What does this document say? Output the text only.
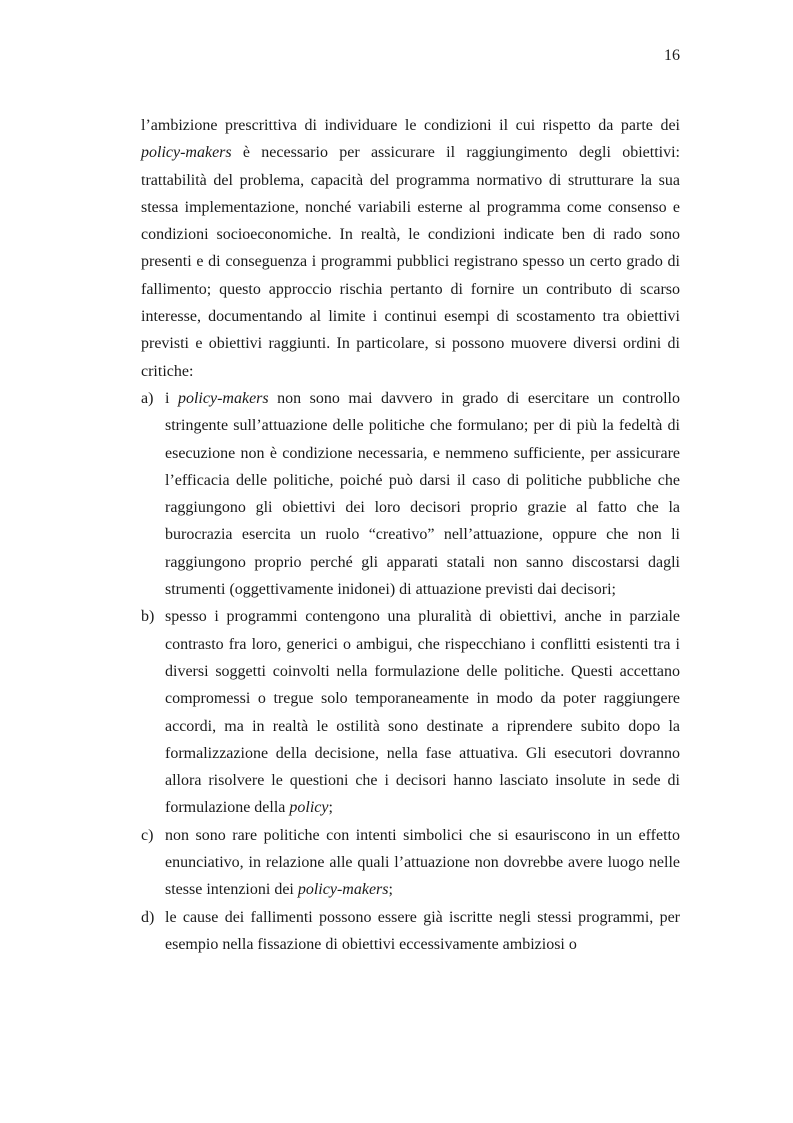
16

l’ambizione prescrittiva di individuare le condizioni il cui rispetto da parte dei policy-makers è necessario per assicurare il raggiungimento degli obiettivi: trattabilità del problema, capacità del programma normativo di strutturare la sua stessa implementazione, nonché variabili esterne al programma come consenso e condizioni socioeconomiche. In realtà, le condizioni indicate ben di rado sono presenti e di conseguenza i programmi pubblici registrano spesso un certo grado di fallimento; questo approccio rischia pertanto di fornire un contributo di scarso interesse, documentando al limite i continui esempi di scostamento tra obiettivi previsti e obiettivi raggiunti. In particolare, si possono muovere diversi ordini di critiche:

a) i policy-makers non sono mai davvero in grado di esercitare un controllo stringente sull’attuazione delle politiche che formulano; per di più la fedeltà di esecuzione non è condizione necessaria, e nemmeno sufficiente, per assicurare l’efficacia delle politiche, poiché può darsi il caso di politiche pubbliche che raggiungono gli obiettivi dei loro decisori proprio grazie al fatto che la burocrazia esercita un ruolo “creativo” nell’attuazione, oppure che non li raggiungono proprio perché gli apparati statali non sanno discostarsi dagli strumenti (oggettivamente inidonei) di attuazione previsti dai decisori;
b) spesso i programmi contengono una pluralità di obiettivi, anche in parziale contrasto fra loro, generici o ambigui, che rispecchiano i conflitti esistenti tra i diversi soggetti coinvolti nella formulazione delle politiche. Questi accettano compromessi o tregue solo temporaneamente in modo da poter raggiungere accordi, ma in realtà le ostilità sono destinate a riprendere subito dopo la formalizzazione della decisione, nella fase attuativa. Gli esecutori dovranno allora risolvere le questioni che i decisori hanno lasciato insolute in sede di formulazione della policy;
c) non sono rare politiche con intenti simbolici che si esauriscono in un effetto enunciativo, in relazione alle quali l’attuazione non dovrebbe avere luogo nelle stesse intenzioni dei policy-makers;
d) le cause dei fallimenti possono essere già iscritte negli stessi programmi, per esempio nella fissazione di obiettivi eccessivamente ambiziosi o
